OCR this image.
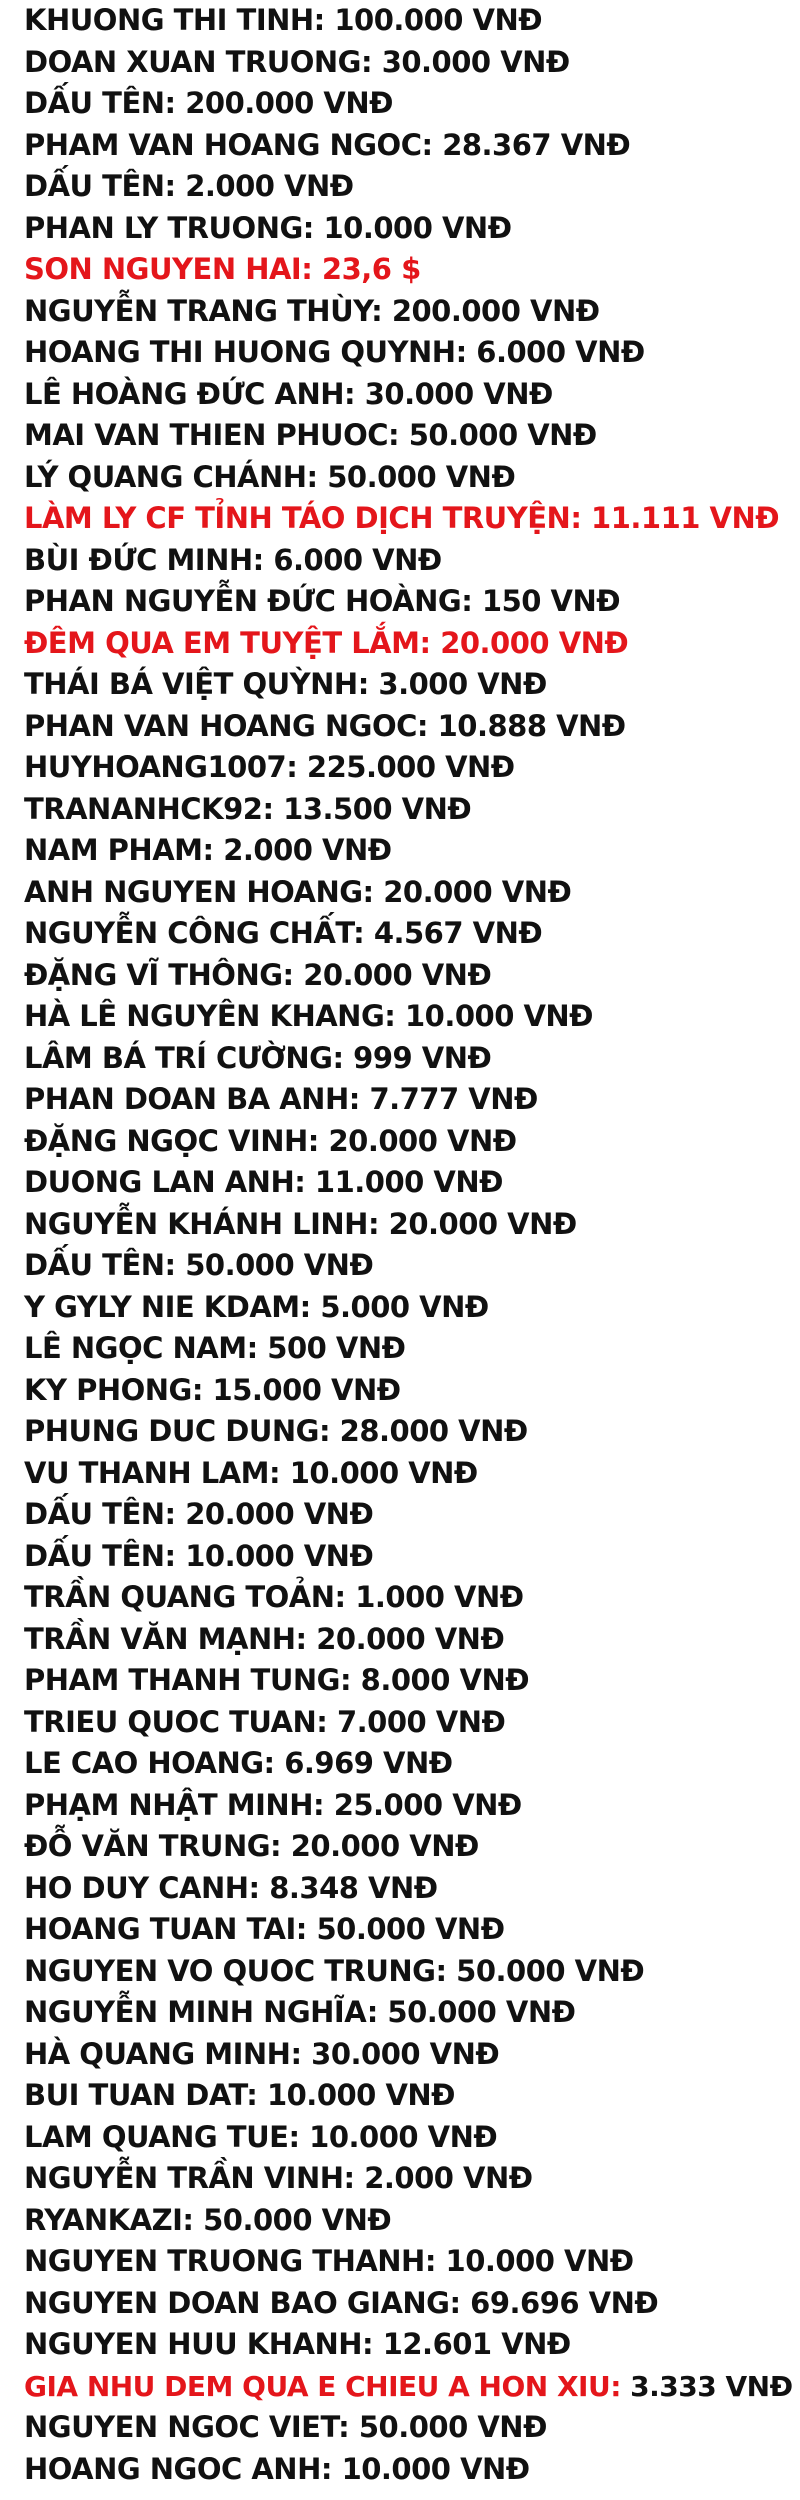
KHUONG THI TINH: 100.000 VNĐ
DOAN XUAN TRUONG: 30.000 VNĐ
DẤU TÊN: 200.000 VNĐ
PHAM VAN HOANG NGOC: 28.367 VNĐ
DẤU TÊN: 2.000 VNĐ
PHAN LY TRUONG: 10.000 VNĐ
SON NGUYEN HAI: 23,6 $
NGUYỄN TRANG THÙY: 200.000 VNĐ
HOANG THI HUONG QUYNH: 6.000 VNĐ
LÊ HOÀNG ĐỨC ANH: 30.000 VNĐ
MAI VAN THIEN PHUOC: 50.000 VNĐ
LÝ QUANG CHÁNH: 50.000 VNĐ
LÀM LY CF TỈNH TÁO DỊCH TRUYỆN: 11.111 VNĐ
BÙI ĐỨC MINH: 6.000 VNĐ
PHAN NGUYỄN ĐỨC HOÀNG: 150 VNĐ
ĐÊM QUA EM TUYỆT LẮM: 20.000 VNĐ
THÁI BÁ VIỆT QUỲNH: 3.000 VNĐ
PHAN VAN HOANG NGOC: 10.888 VNĐ
HUYHOANG1007: 225.000 VNĐ
TRANANHCK92: 13.500 VNĐ
NAM PHAM: 2.000 VNĐ
ANH NGUYEN HOANG: 20.000 VNĐ
NGUYỄN CÔNG CHẤT: 4.567 VNĐ
ĐẶNG VĨ THÔNG: 20.000 VNĐ
HÀ LÊ NGUYÊN KHANG: 10.000 VNĐ
LÂM BÁ TRÍ CƯỜNG: 999 VNĐ
PHAN DOAN BA ANH: 7.777 VNĐ
ĐẶNG NGỌC VINH: 20.000 VNĐ
DUONG LAN ANH: 11.000 VNĐ
NGUYỄN KHÁNH LINH: 20.000 VNĐ
DẤU TÊN: 50.000 VNĐ
Y GYLY NIE KDAM: 5.000 VNĐ
LÊ NGỌC NAM: 500 VNĐ
KY PHONG: 15.000 VNĐ
PHUNG DUC DUNG: 28.000 VNĐ
VU THANH LAM: 10.000 VNĐ
DẤU TÊN: 20.000 VNĐ
DẤU TÊN: 10.000 VNĐ
TRẦN QUANG TOẢN: 1.000 VNĐ
TRẦN VĂN MẠNH: 20.000 VNĐ
PHAM THANH TUNG: 8.000 VNĐ
TRIEU QUOC TUAN: 7.000 VNĐ
LE CAO HOANG: 6.969 VNĐ
PHẠM NHẬT MINH: 25.000 VNĐ
ĐỖ VĂN TRUNG: 20.000 VNĐ
HO DUY CANH: 8.348 VNĐ
HOANG TUAN TAI: 50.000 VNĐ
NGUYEN VO QUOC TRUNG: 50.000 VNĐ
NGUYỄN MINH NGHĨA: 50.000 VNĐ
HÀ QUANG MINH: 30.000 VNĐ
BUI TUAN DAT: 10.000 VNĐ
LAM QUANG TUE: 10.000 VNĐ
NGUYỄN TRẦN VINH: 2.000 VNĐ
RYANKAZI: 50.000 VNĐ
NGUYEN TRUONG THANH: 10.000 VNĐ
NGUYEN DOAN BAO GIANG: 69.696 VNĐ
NGUYEN HUU KHANH: 12.601 VNĐ
GIA NHU DEM QUA E CHIEU A HON XIU: 3.333 VNĐ
NGUYEN NGOC VIET: 50.000 VNĐ
HOANG NGOC ANH: 10.000 VNĐ
